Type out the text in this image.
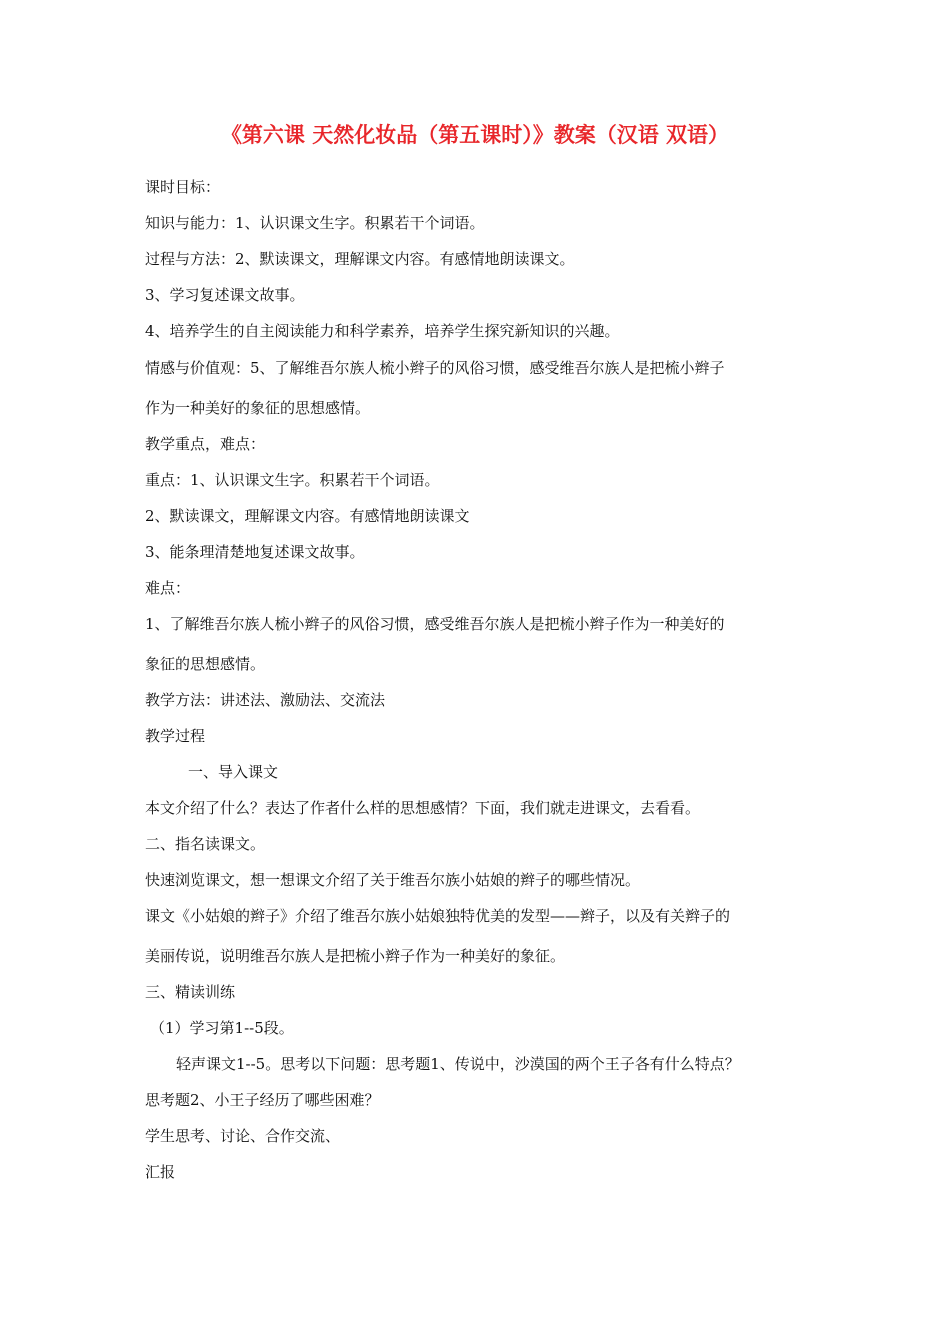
《第六课 天然化妆品（第五课时）》教案（汉语 双语）

课时目标：

知识与能力：1、认识课文生字。积累若干个词语。

过程与方法：2、默读课文，理解课文内容。有感情地朗读课文。

3、学习复述课文故事。

4、培养学生的自主阅读能力和科学素养，培养学生探究新知识的兴趣。

情感与价值观：5、了解维吾尔族人梳小辫子的风俗习惯，感受维吾尔族人是把梳小辫子

作为一种美好的象征的思想感情。

教学重点，难点：

重点：1、认识课文生字。积累若干个词语。

2、默读课文，理解课文内容。有感情地朗读课文

3、能条理清楚地复述课文故事。

难点：

1、了解维吾尔族人梳小辫子的风俗习惯，感受维吾尔族人是把梳小辫子作为一种美好的

象征的思想感情。

教学方法：讲述法、激励法、交流法

教学过程

一、导入课文

本文介绍了什么？表达了作者什么样的思想感情？下面，我们就走进课文，去看看。

二、指名读课文。

快速浏览课文，想一想课文介绍了关于维吾尔族小姑娘的辫子的哪些情况。

课文《小姑娘的辫子》介绍了维吾尔族小姑娘独特优美的发型——辫子，以及有关辫子的

美丽传说，说明维吾尔族人是把梳小辫子作为一种美好的象征。

三、精读训练

（1）学习第1--5段。

轻声课文1--5。思考以下问题：思考题1、传说中，沙漠国的两个王子各有什么特点？

思考题2、小王子经历了哪些困难？

学生思考、讨论、合作交流、

汇报
